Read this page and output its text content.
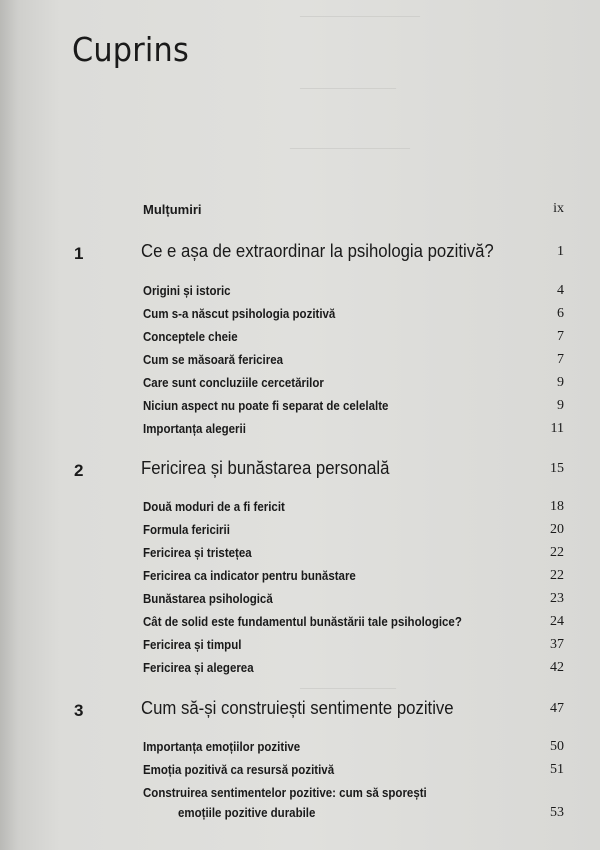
——————————
————————
——————————
————————
Cuprins
Mulțumiri	ix
1	Ce e așa de extraordinar la psihologia pozitivă?	1
Origini și istoric	4
Cum s-a născut psihologia pozitivă	6
Conceptele cheie	7
Cum se măsoară fericirea	7
Care sunt concluziile cercetărilor	9
Niciun aspect nu poate fi separat de celelalte	9
Importanța alegerii	11
2	Fericirea și bunăstarea personală	15
Două moduri de a fi fericit	18
Formula fericirii	20
Fericirea și tristețea	22
Fericirea ca indicator pentru bunăstare	22
Bunăstarea psihologică	23
Cât de solid este fundamentul bunăstării tale psihologice?	24
Fericirea și timpul	37
Fericirea și alegerea	42
3	Cum să-și construiești sentimente pozitive	47
Importanța emoțiilor pozitive	50
Emoția pozitivă ca resursă pozitivă	51
Construirea sentimentelor pozitive: cum să sporești
emoțiile pozitive durabile	53
